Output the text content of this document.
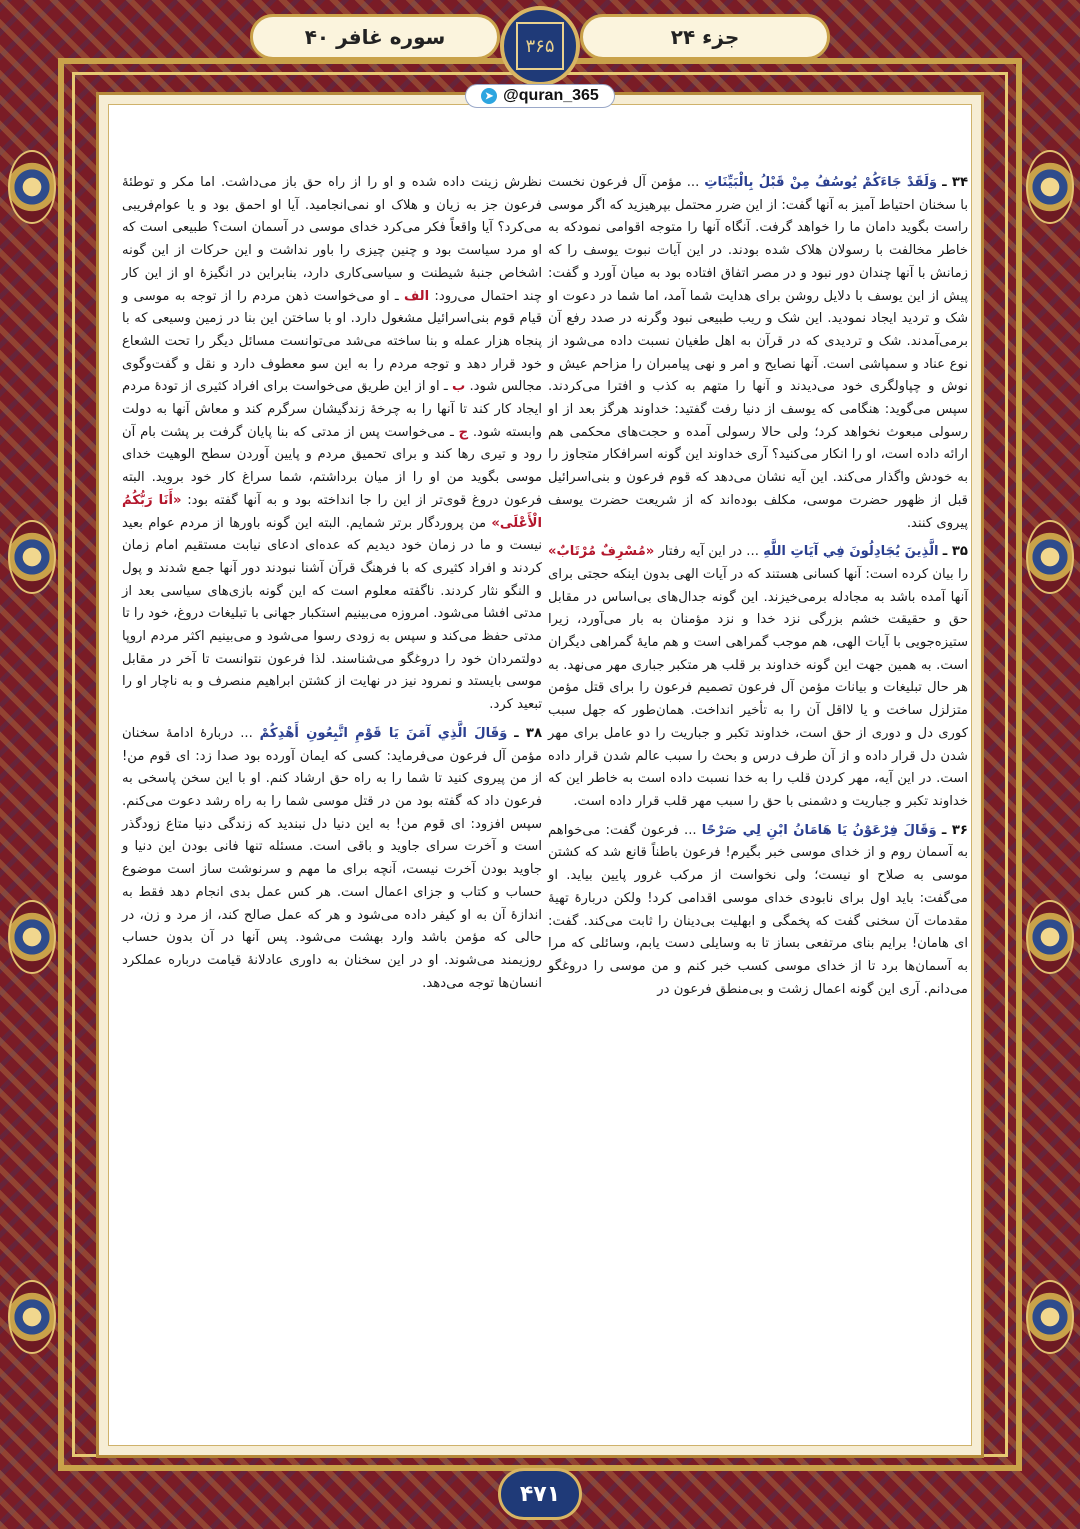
سوره غافر ۴۰	جزء ۲۴
۳۶۵
➤ @quran_365

۳۴ ـ وَلَقَدْ جَاءَكُمْ يُوسُفُ مِنْ قَبْلُ بِالْبَيِّنَاتِ ... مؤمن آل فرعون نخست با سخنان احتیاط آمیز به آنها گفت: از این ضرر محتمل بپرهیزید که اگر موسی راست بگوید دامان ما را خواهد گرفت. آنگاه آنها را متوجه اقوامی نمودکه به خاطر مخالفت با رسولان هلاک شده بودند. در این آیات نبوت یوسف را که زمانش با آنها چندان دور نبود و در مصر اتفاق افتاده بود به میان آورد و گفت: پیش از این یوسف با دلایل روشن برای هدایت شما آمد، اما شما در دعوت او شک و تردید ایجاد نمودید. این شک و ریب طبیعی نبود وگرنه در صدد رفع آن برمی‌آمدند. شک و تردیدی که در قرآن به اهل طغیان نسبت داده می‌شود از نوع عناد و سمپاشی است. آنها نصایح و امر و نهی پیامبران را مزاحم عیش و نوش و چپاولگری خود می‌دیدند و آنها را متهم به کذب و افترا می‌کردند. سپس می‌گوید: هنگامی که یوسف از دنیا رفت گفتید: خداوند هرگز بعد از او رسولی مبعوث نخواهد کرد؛ ولی حالا رسولی آمده و حجت‌های محکمی هم ارائه داده است، او را انکار می‌کنید؟ آری خداوند این گونه اسرافکار متجاوز را به خودش واگذار می‌کند. این آیه نشان می‌دهد که قوم فرعون و بنی‌اسرائیل قبل از ظهور حضرت موسی، مکلف بوده‌اند که از شریعت حضرت یوسف پیروی کنند.

۳۵ ـ الَّذِينَ يُجَادِلُونَ فِي آيَاتِ اللَّهِ ... در این آیه رفتار «مُسْرِفٌ مُرْتَابٌ» را بیان کرده است: آنها کسانی هستند که در آیات الهی بدون اینکه حجتی برای آنها آمده باشد به مجادله برمی‌خیزند. این گونه جدال‌های بی‌اساس در مقابل حق و حقیقت خشم بزرگی نزد خدا و نزد مؤمنان به بار می‌آورد، زیرا ستیزه‌جویی با آیات الهی، هم موجب گمراهی است و هم مایهٔ گمراهی دیگران است. به همین جهت این گونه خداوند بر قلب هر متکبر جباری مهر می‌نهد. به هر حال تبلیغات و بیانات مؤمن آل فرعون تصمیم فرعون را برای قتل مؤمن متزلزل ساخت و یا لااقل آن را به تأخیر انداخت. همان‌طور که جهل سبب کوری دل و دوری از حق است، خداوند تکبر و جباریت را دو عامل برای مهر شدن دل قرار داده و از آن طرف درس و بحث را سبب عالم شدن قرار داده است. در این آیه، مهر کردن قلب را به خدا نسبت داده است به خاطر این که خداوند تکبر و جباریت و دشمنی با حق را سبب مهر قلب قرار داده است.

۳۶ ـ وَقَالَ فِرْعَوْنُ يَا هَامَانُ ابْنِ لِي صَرْحًا ... فرعون گفت: می‌خواهم به آسمان روم و از خدای موسی خبر بگیرم! فرعون باطناً قانع شد که کشتن موسی به صلاح او نیست؛ ولی نخواست از مرکب غرور پایین بیاید. او می‌گفت: باید اول برای نابودی خدای موسی اقدامی کرد! ولکن دربارهٔ تهیهٔ مقدمات آن سخنی گفت که پخمگی و ابهلیت بی‌دینان را ثابت می‌کند. گفت: ای هامان! برایم بنای مرتفعی بساز تا به وسایلی دست یابم، وسائلی که مرا به آسمان‌ها برد تا از خدای موسی کسب خبر کنم و من موسی را دروغگو می‌دانم. آری این گونه اعمال زشت و بی‌منطق فرعون در

نظرش زینت داده شده و او را از راه حق باز می‌داشت. اما مکر و توطئهٔ فرعون جز به زیان و هلاک او نمی‌انجامید. آیا او احمق بود و یا عوام‌فریبی می‌کرد؟ آیا واقعاً فکر می‌کرد خدای موسی در آسمان است؟ طبیعی است که او مرد سیاست بود و چنین چیزی را باور نداشت و این حرکات از این گونه اشخاص جنبهٔ شیطنت و سیاسی‌کاری دارد، بنابراین در انگیزهٔ او از این کار چند احتمال می‌رود: الف ـ او می‌خواست ذهن مردم را از توجه به موسی و قیام قوم بنی‌اسرائیل مشغول دارد. او با ساختن این بنا در زمین وسیعی که با پنجاه هزار عمله و بنا ساخته می‌شد می‌توانست مسائل دیگر را تحت الشعاع خود قرار دهد و توجه مردم را به این سو معطوف دارد و نقل و گفت‌وگوی مجالس شود. ب ـ او از این طریق می‌خواست برای افراد کثیری از تودهٔ مردم ایجاد کار کند تا آنها را به چرخهٔ زندگیشان سرگرم کند و معاش آنها به دولت وابسته شود. ج ـ می‌خواست پس از مدتی که بنا پایان گرفت بر پشت بام آن رود و تیری رها کند و برای تحمیق مردم و پایین آوردن سطح الوهیت خدای موسی بگوید من او را از میان برداشتم، شما سراغ کار خود بروید. البته فرعون دروغ قوی‌تر از این را جا انداخته بود و به آنها گفته بود: «أَنَا رَبُّكُمُ الْأَعْلَى» من پروردگار برتر شمایم. البته این گونه باورها از مردم عوام بعید نیست و ما در زمان خود دیدیم که عده‌ای ادعای نیابت مستقیم امام زمان کردند و افراد کثیری که با فرهنگ قرآن آشنا نبودند دور آنها جمع شدند و پول و النگو نثار کردند. ناگفته معلوم است که این گونه بازی‌های سیاسی بعد از مدتی افشا می‌شود. امروزه می‌بینیم استکبار جهانی با تبلیغات دروغ، خود را تا مدتی حفظ می‌کند و سپس به زودی رسوا می‌شود و می‌بینیم اکثر مردم اروپا دولتمردان خود را دروغگو می‌شناسند. لذا فرعون نتوانست تا آخر در مقابل موسی بایستد و نمرود نیز در نهایت از کشتن ابراهیم منصرف و به ناچار او را تبعید کرد.

۳۸ ـ وَقَالَ الَّذِي آمَنَ يَا قَوْمِ اتَّبِعُونِ أَهْدِكُمْ ... دربارهٔ ادامهٔ سخنان مؤمن آل فرعون می‌فرماید: کسی که ایمان آورده بود صدا زد: ای قوم من! از من پیروی کنید تا شما را به راه حق ارشاد کنم. او با این سخن پاسخی به فرعون داد که گفته بود من در قتل موسی شما را به راه رشد دعوت می‌کنم. سپس افزود: ای قوم من! به این دنیا دل نبندید که زندگی دنیا متاع زودگذر است و آخرت سرای جاوید و باقی است. مسئله تنها فانی بودن این دنیا و جاوید بودن آخرت نیست، آنچه برای ما مهم و سرنوشت ساز است موضوع حساب و کتاب و جزای اعمال است. هر کس عمل بدی انجام دهد فقط به اندازهٔ آن به او کیفر داده می‌شود و هر که عمل صالح کند، از مرد و زن، در حالی که مؤمن باشد وارد بهشت می‌شود. پس آنها در آن بدون حساب روزیمند می‌شوند. او در این سخنان به داوری عادلانهٔ قیامت درباره عملکرد انسان‌ها توجه می‌دهد.

۴۷۱
